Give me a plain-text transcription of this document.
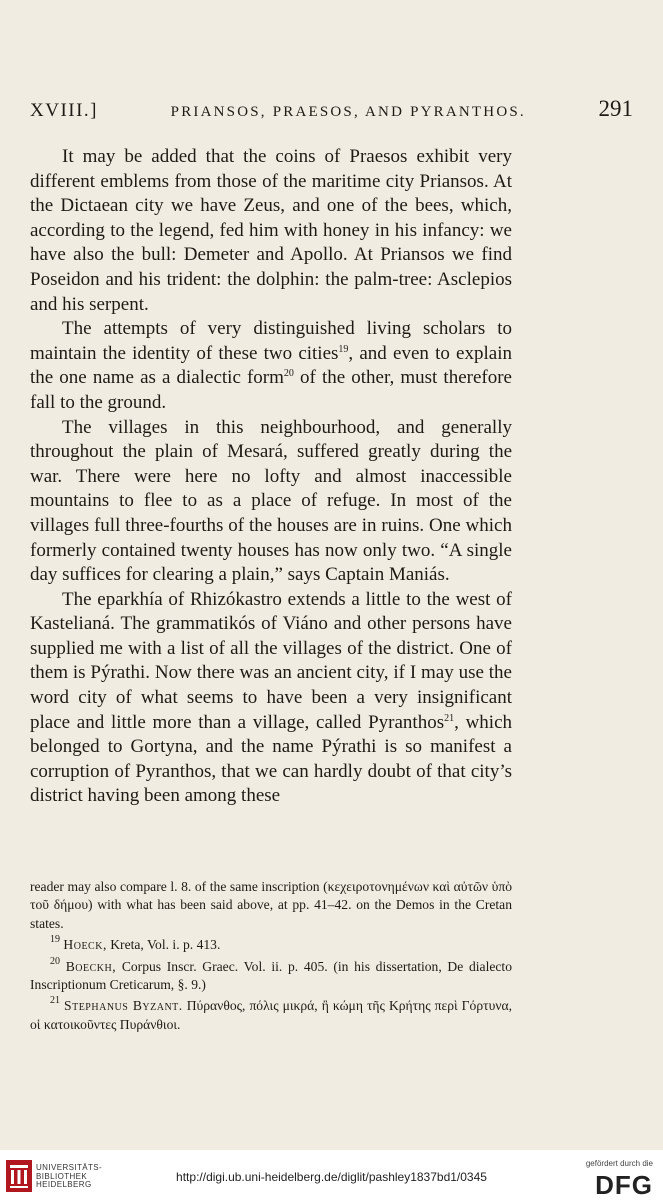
XVIII.]	PRIANSOS, PRAESOS, AND PYRANTHOS.	291

It may be added that the coins of Praesos exhibit very different emblems from those of the maritime city Priansos. At the Dictaean city we have Zeus, and one of the bees, which, according to the legend, fed him with honey in his infancy: we have also the bull: Demeter and Apollo. At Priansos we find Poseidon and his trident: the dolphin: the palm-tree: Asclepios and his serpent.

The attempts of very distinguished living scholars to maintain the identity of these two cities$^{19}$, and even to explain the one name as a dialectic form$^{20}$ of the other, must therefore fall to the ground.

The villages in this neighbourhood, and generally throughout the plain of Mesará, suffered greatly during the war. There were here no lofty and almost inaccessible mountains to flee to as a place of refuge. In most of the villages full three-fourths of the houses are in ruins. One which formerly contained twenty houses has now only two. “A single day suffices for clearing a plain,” says Captain Maniás.

The eparkhía of Rhizókastro extends a little to the west of Kastelianá. The grammatikós of Viáno and other persons have supplied me with a list of all the villages of the district. One of them is Pýrathi. Now there was an ancient city, if I may use the word city of what seems to have been a very insignificant place and little more than a village, called Pyranthos$^{21}$, which belonged to Gortyna, and the name Pýrathi is so manifest a corruption of Pyranthos, that we can hardly doubt of that city’s district having been among these

reader may also compare l. 8. of the same inscription (κεχειροτονημένων καὶ αὐτῶν ὑπὸ τοῦ δήμου) with what has been said above, at pp. 41–42. on the Demos in the Cretan states.

$^{19}$ Hoeck, Kreta, Vol. i. p. 413.

$^{20}$ Boeckh, Corpus Inscr. Graec. Vol. ii. p. 405. (in his dissertation, De dialecto Inscriptionum Creticarum, §. 9.)

$^{21}$ Stephanus Byzant. Πύρανθος, πόλις μικρά, ἢ κώμη τῆς Κρήτης περὶ Γόρτυνα, οἱ κατοικοῦντες Πυράνθιοι.

UNIVERSITÄTS-
BIBLIOTHEK
HEIDELBERG
http://digi.ub.uni-heidelberg.de/diglit/pashley1837bd1/0345
gefördert durch die
DFG
